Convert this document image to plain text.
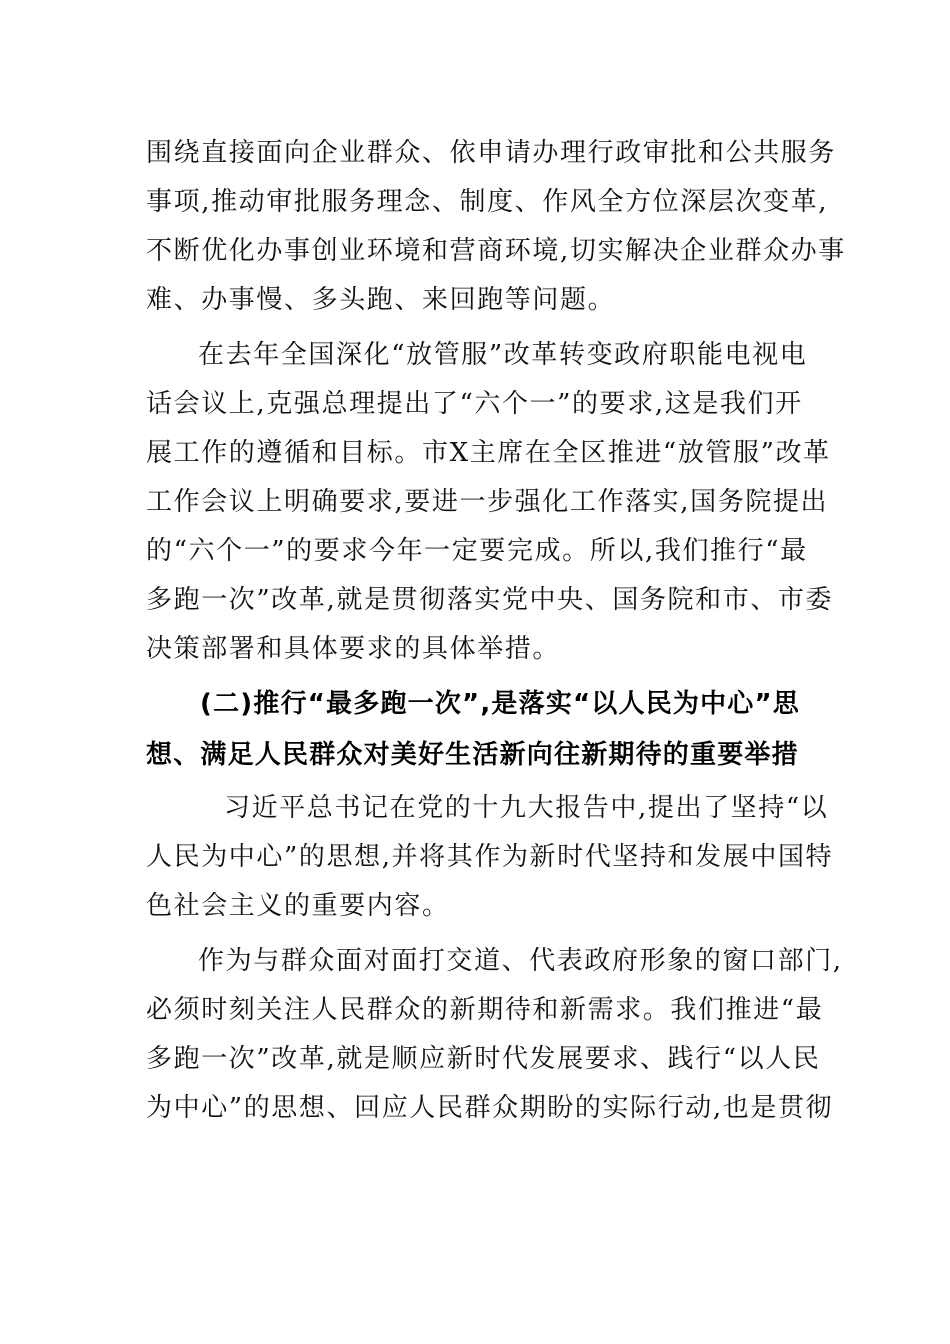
围绕直接面向企业群众、依申请办理行政审批和公共服务

事项,推动审批服务理念、制度、作风全方位深层次变革,

不断优化办事创业环境和营商环境,切实解决企业群众办事

难、办事慢、多头跑、来回跑等问题。

在去年全国深化“放管服”改革转变政府职能电视电

话会议上,克强总理提出了“六个一”的要求,这是我们开

展工作的遵循和目标。市X主席在全区推进“放管服”改革

工作会议上明确要求,要进一步强化工作落实,国务院提出

的“六个一”的要求今年一定要完成。所以,我们推行“最

多跑一次”改革,就是贯彻落实党中央、国务院和市、市委

决策部署和具体要求的具体举措。

(二)推行“最多跑一次”,是落实“以人民为中心”思

想、满足人民群众对美好生活新向往新期待的重要举措

习近平总书记在党的十九大报告中,提出了坚持“以

人民为中心”的思想,并将其作为新时代坚持和发展中国特

色社会主义的重要内容。

作为与群众面对面打交道、代表政府形象的窗口部门,

必须时刻关注人民群众的新期待和新需求。我们推进“最

多跑一次”改革,就是顺应新时代发展要求、践行“以人民

为中心”的思想、回应人民群众期盼的实际行动,也是贯彻
